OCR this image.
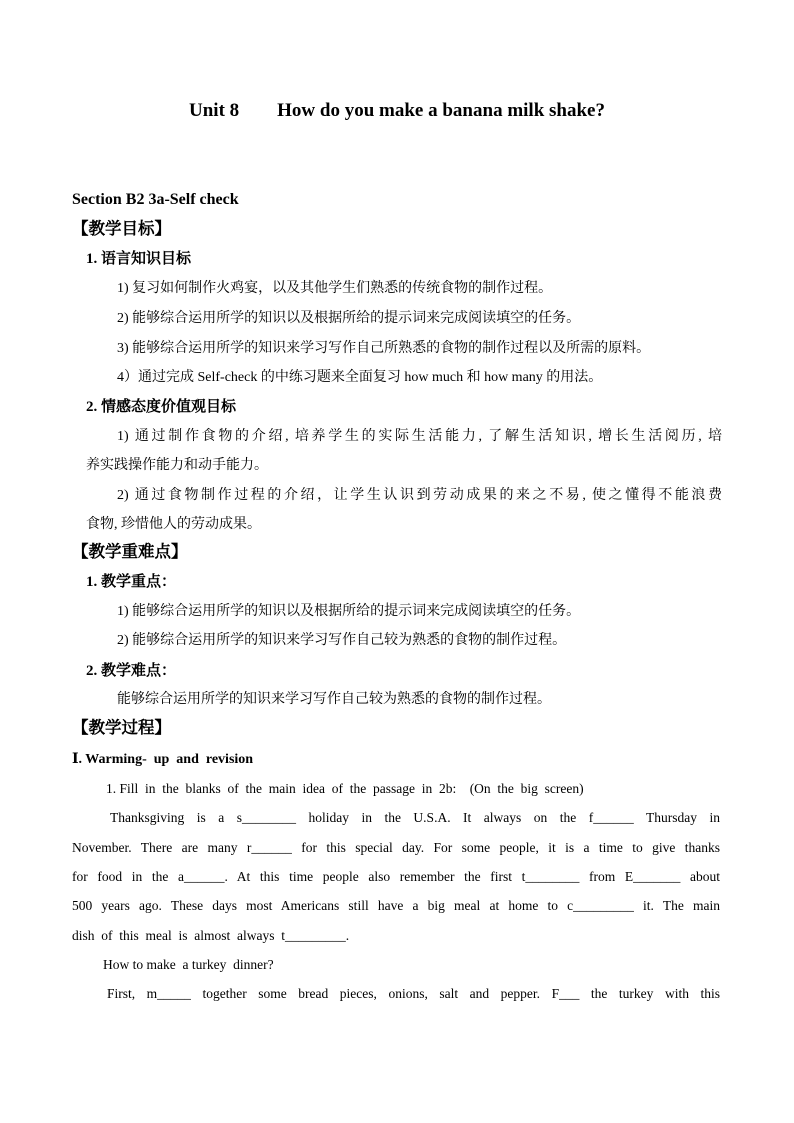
Unit 8 How do you make a banana milk shake?
Section B2 3a-Self check
【教学目标】
1. 语言知识目标
1) 复习如何制作火鸡宴，以及其他学生们熟悉的传统食物的制作过程。
2) 能够综合运用所学的知识以及根据所给的提示词来完成阅读填空的任务。
3) 能够综合运用所学的知识来学习写作自己所熟悉的食物的制作过程以及所需的原料。
4）通过完成 Self-check 的中练习题来全面复习 how much 和 how many 的用法。
2. 情感态度价值观目标
1) 通过制作食物的介绍, 培养学生的实际生活能力, 了解生活知识, 增长生活阅历, 培
养实践操作能力和动手能力。
2) 通过食物制作过程的介绍，让学生认识到劳动成果的来之不易, 使之懂得不能浪费
食物, 珍惜他人的劳动成果。
【教学重难点】
1. 教学重点：
1) 能够综合运用所学的知识以及根据所给的提示词来完成阅读填空的任务。
2) 能够综合运用所学的知识来学习写作自己较为熟悉的食物的制作过程。
2. 教学难点：
能够综合运用所学的知识来学习写作自己较为熟悉的食物的制作过程。
【教学过程】
Ⅰ. Warming-  up  and  revision
1. Fill  in  the  blanks  of  the  main  idea  of  the  passage  in  2b:    (On  the  big  screen)
Thanksgiving is a s________ holiday in the U.S.A. It always on the f______ Thursday in
November. There are many r______ for this special day. For some people, it is a time to give thanks
for food in the a______. At this time people also remember the first t________ from E_______ about
500 years ago. These days most Americans still have a big meal at home to c_________ it. The main
dish  of  this  meal  is  almost  always  t_________.
How to make  a turkey  dinner?
First, m_____ together some bread pieces, onions, salt and pepper. F___ the turkey with this
